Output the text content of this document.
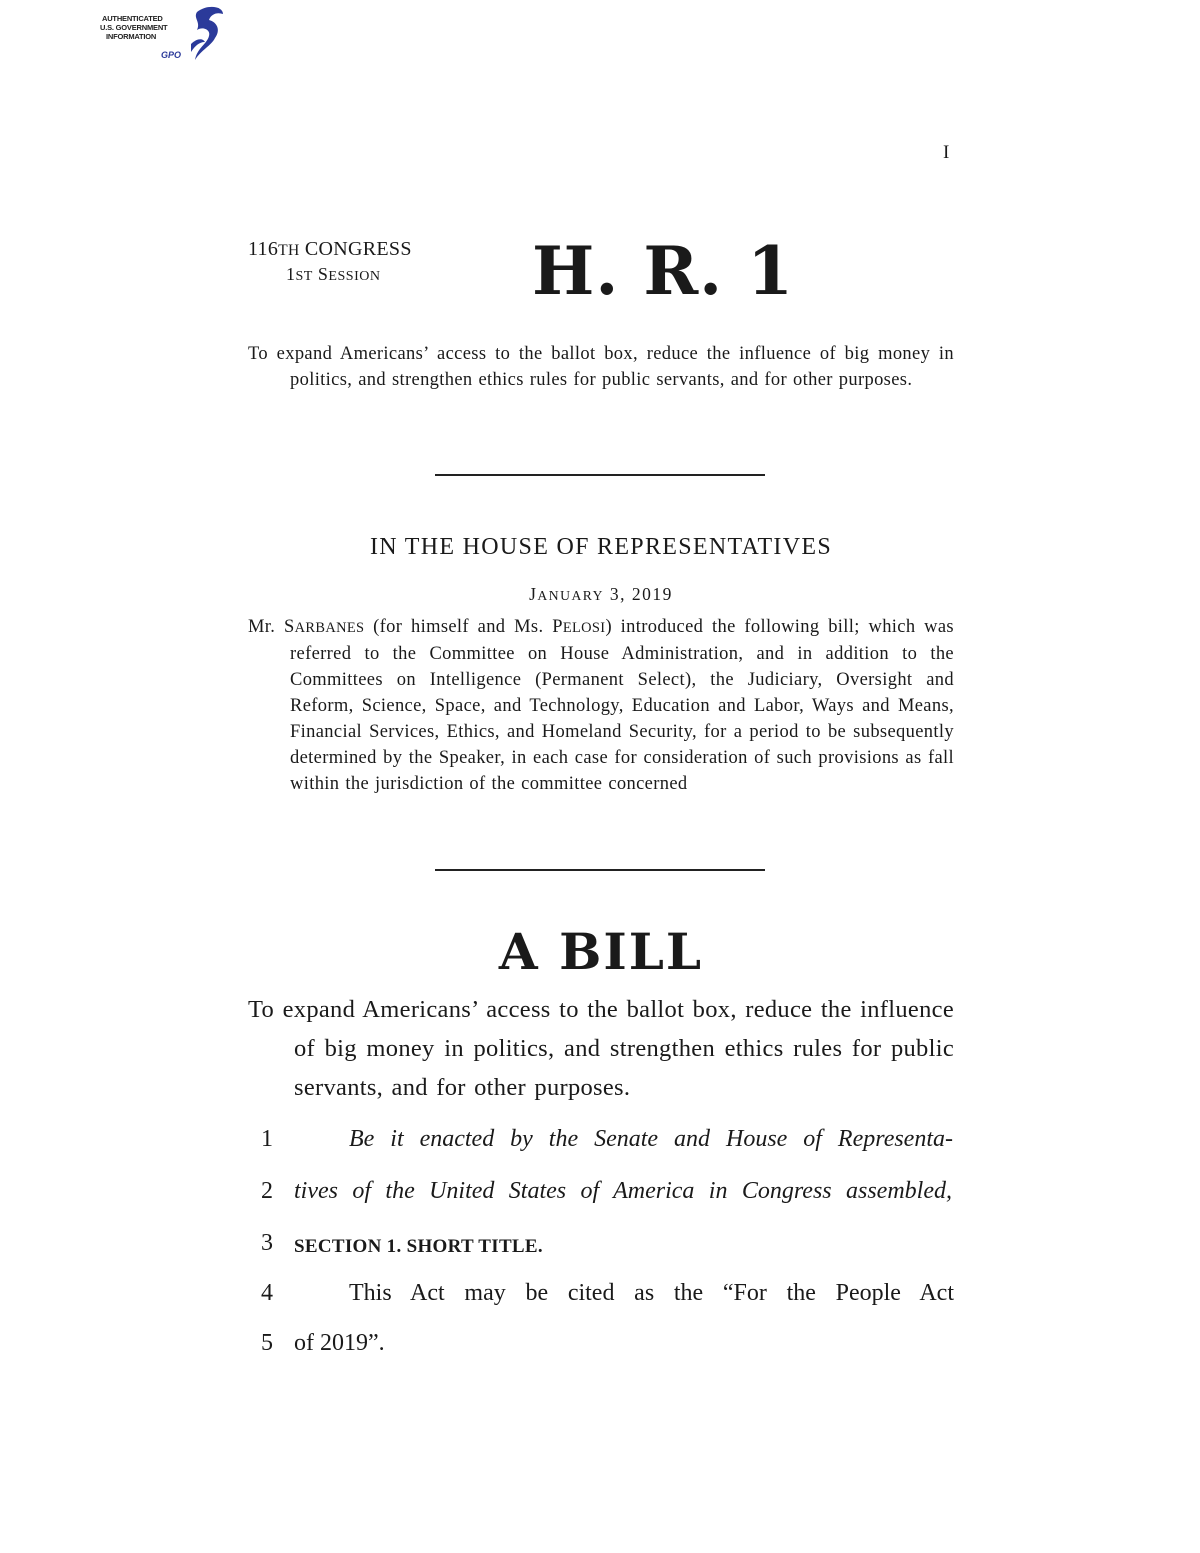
AUTHENTICATED
U.S. GOVERNMENT
INFORMATION
GPO
I
116TH CONGRESS
1ST SESSION H. R. 1
To expand Americans’ access to the ballot box, reduce the influence of big money in politics, and strengthen ethics rules for public servants, and for other purposes.
IN THE HOUSE OF REPRESENTATIVES
JANUARY 3, 2019
Mr. SARBANES (for himself and Ms. PELOSI) introduced the following bill; which was referred to the Committee on House Administration, and in addition to the Committees on Intelligence (Permanent Select), the Judiciary, Oversight and Reform, Science, Space, and Technology, Education and Labor, Ways and Means, Financial Services, Ethics, and Homeland Security, for a period to be subsequently determined by the Speaker, in each case for consideration of such provisions as fall within the jurisdiction of the committee concerned
A BILL
To expand Americans’ access to the ballot box, reduce the influence of big money in politics, and strengthen ethics rules for public servants, and for other purposes.
1	Be it enacted by the Senate and House of Representa-
2 tives of the United States of America in Congress assembled,
3	SECTION 1. SHORT TITLE.
4	This Act may be cited as the “For the People Act
5 of 2019”.
